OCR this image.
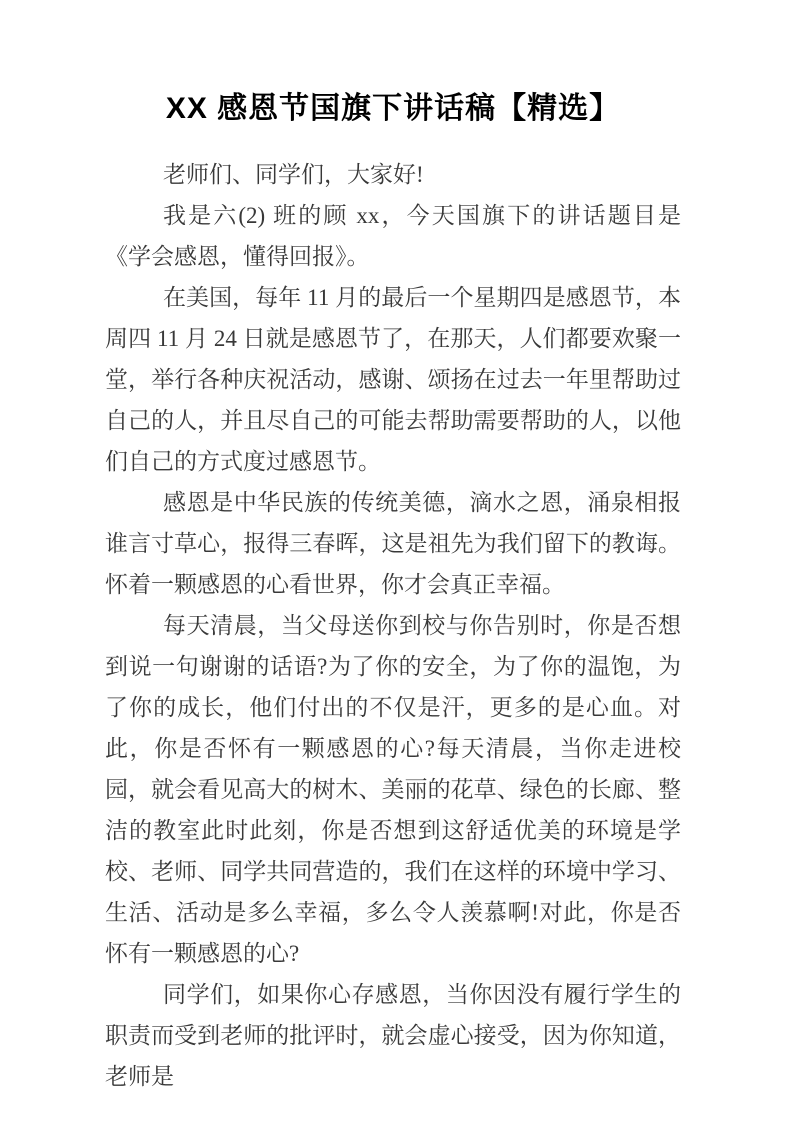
XX 感恩节国旗下讲话稿【精选】

老师们、同学们，大家好!

我是六(2) 班的顾 xx，今天国旗下的讲话题目是《学会感恩，懂得回报》。

在美国，每年 11 月的最后一个星期四是感恩节，本周四 11 月 24 日就是感恩节了，在那天，人们都要欢聚一堂，举行各种庆祝活动，感谢、颂扬在过去一年里帮助过自己的人，并且尽自己的可能去帮助需要帮助的人，以他们自己的方式度过感恩节。

感恩是中华民族的传统美德，滴水之恩，涌泉相报谁言寸草心，报得三春晖，这是祖先为我们留下的教诲。怀着一颗感恩的心看世界，你才会真正幸福。

每天清晨，当父母送你到校与你告别时，你是否想到说一句谢谢的话语?为了你的安全，为了你的温饱，为了你的成长，他们付出的不仅是汗，更多的是心血。对此，你是否怀有一颗感恩的心?每天清晨，当你走进校园，就会看见高大的树木、美丽的花草、绿色的长廊、整洁的教室此时此刻，你是否想到这舒适优美的环境是学校、老师、同学共同营造的，我们在这样的环境中学习、生活、活动是多么幸福，多么令人羡慕啊!对此，你是否怀有一颗感恩的心?

同学们，如果你心存感恩，当你因没有履行学生的职责而受到老师的批评时，就会虚心接受，因为你知道，老师是
